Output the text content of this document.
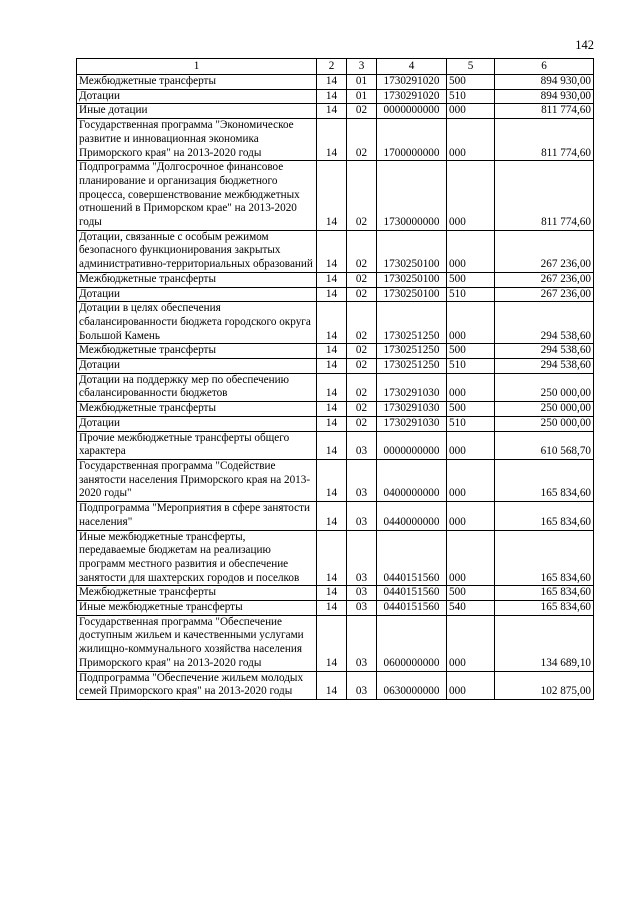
142
1	2	3	4	5	6
Межбюджетные трансферты	14	01	1730291020	500	894 930,00
Дотации	14	01	1730291020	510	894 930,00
Иные дотации	14	02	0000000000	000	811 774,60
Государственная программа "Экономическое развитие и инновационная экономика Приморского края" на 2013-2020 годы	14	02	1700000000	000	811 774,60
Подпрограмма "Долгосрочное финансовое планирование и организация бюджетного процесса, совершенствование межбюджетных отношений в Приморском крае" на 2013-2020 годы	14	02	1730000000	000	811 774,60
Дотации, связанные с особым режимом безопасного функционирования закрытых административно-территориальных образований	14	02	1730250100	000	267 236,00
Межбюджетные трансферты	14	02	1730250100	500	267 236,00
Дотации	14	02	1730250100	510	267 236,00
Дотации в целях обеспечения сбалансированности бюджета городского округа Большой Камень	14	02	1730251250	000	294 538,60
Межбюджетные трансферты	14	02	1730251250	500	294 538,60
Дотации	14	02	1730251250	510	294 538,60
Дотации на поддержку мер по обеспечению сбалансированности бюджетов	14	02	1730291030	000	250 000,00
Межбюджетные трансферты	14	02	1730291030	500	250 000,00
Дотации	14	02	1730291030	510	250 000,00
Прочие межбюджетные трансферты общего характера	14	03	0000000000	000	610 568,70
Государственная программа "Содействие занятости населения Приморского края на 2013-2020 годы"	14	03	0400000000	000	165 834,60
Подпрограмма "Мероприятия в сфере занятости населения"	14	03	0440000000	000	165 834,60
Иные межбюджетные трансферты, передаваемые бюджетам на реализацию программ местного развития и обеспечение занятости для шахтерских городов и поселков	14	03	0440151560	000	165 834,60
Межбюджетные трансферты	14	03	0440151560	500	165 834,60
Иные межбюджетные трансферты	14	03	0440151560	540	165 834,60
Государственная программа "Обеспечение доступным жильем и качественными услугами жилищно-коммунального хозяйства населения Приморского края" на 2013-2020 годы	14	03	0600000000	000	134 689,10
Подпрограмма "Обеспечение жильем молодых семей Приморского края" на 2013-2020 годы	14	03	0630000000	000	102 875,00
